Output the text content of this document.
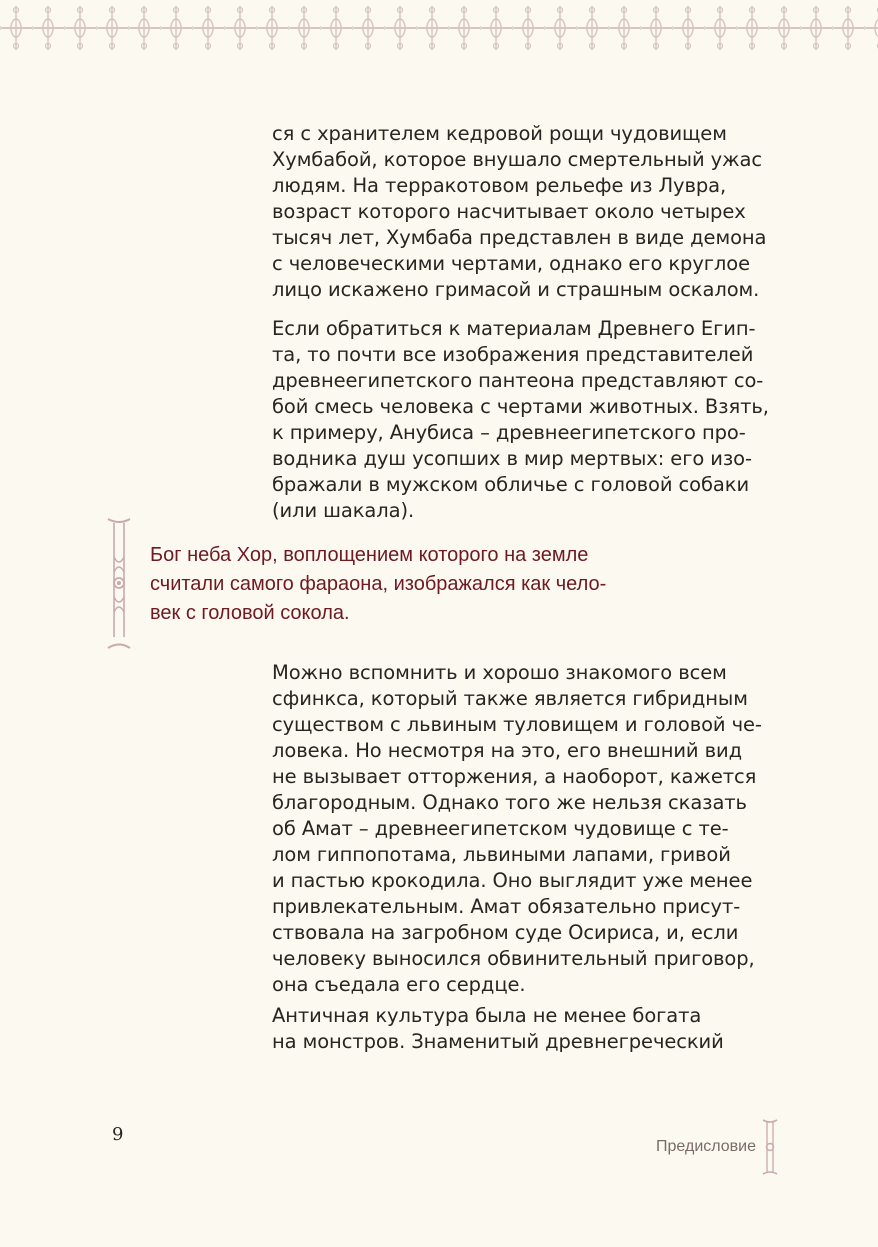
ся с хранителем кедровой рощи чудовищем
Хумбабой, которое внушало смертельный ужас
людям. На терракотовом рельефе из Лувра,
возраст которого насчитывает около четырех
тысяч лет, Хумбаба представлен в виде демона
с человеческими чертами, однако его круглое
лицо искажено гримасой и страшным оскалом.

Если обратиться к материалам Древнего Егип-
та, то почти все изображения представителей
древнеегипетского пантеона представляют со-
бой смесь человека с чертами животных. Взять,
к примеру, Анубиса – древнеегипетского про-
водника душ усопших в мир мертвых: его изо-
бражали в мужском обличье с головой собаки
(или шакала).

Бог неба Хор, воплощением которого на земле
считали самого фараона, изображался как чело-
век с головой сокола.

Можно вспомнить и хорошо знакомого всем
сфинкса, который также является гибридным
существом с львиным туловищем и головой че-
ловека. Но несмотря на это, его внешний вид
не вызывает отторжения, а наоборот, кажется
благородным. Однако того же нельзя сказать
об Амат – древнеегипетском чудовище с те-
лом гиппопотама, львиными лапами, гривой
и пастью крокодила. Оно выглядит уже менее
привлекательным. Амат обязательно присут-
ствовала на загробном суде Осириса, и, если
человеку выносился обвинительный приговор,
она съедала его сердце.

Античная культура была не менее богата
на монстров. Знаменитый древнегреческий

9
Предисловие
